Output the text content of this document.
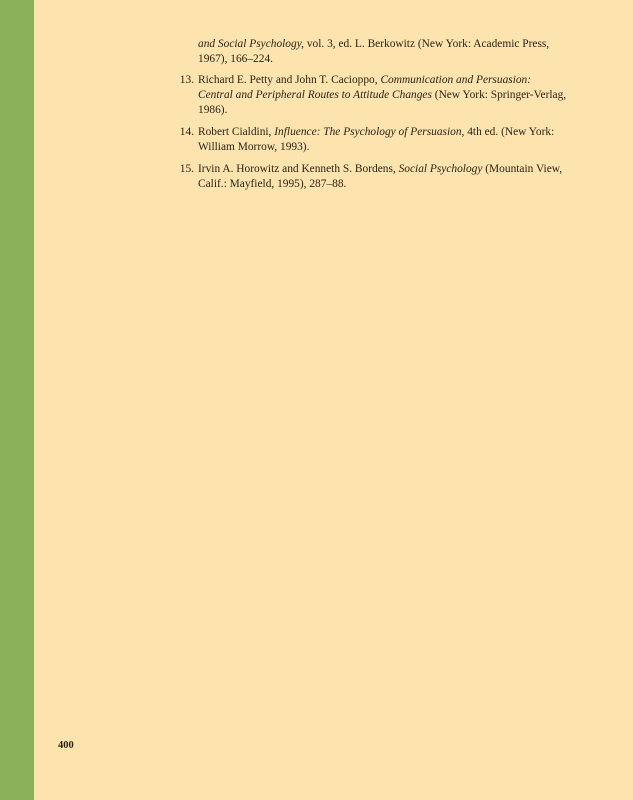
and Social Psychology, vol. 3, ed. L. Berkowitz (New York: Academic Press, 1967), 166–224.
13. Richard E. Petty and John T. Cacioppo, Communication and Persuasion: Central and Peripheral Routes to Attitude Changes (New York: Springer-Verlag, 1986).
14. Robert Cialdini, Influence: The Psychology of Persuasion, 4th ed. (New York: William Morrow, 1993).
15. Irvin A. Horowitz and Kenneth S. Bordens, Social Psychology (Mountain View, Calif.: Mayfield, 1995), 287–88.
400
